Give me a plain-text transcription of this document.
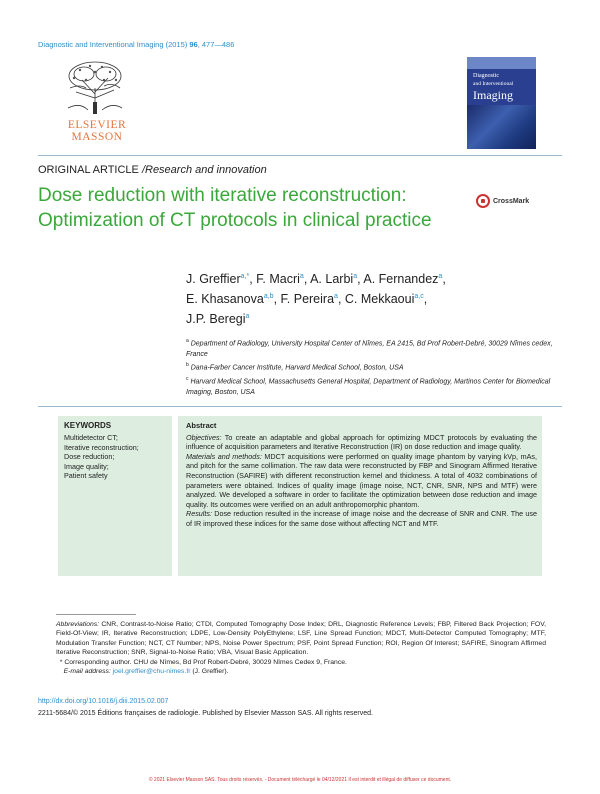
Diagnostic and Interventional Imaging (2015) 96, 477—486
ELSEVIER
MASSON
Diagnostic
and Interventional
Imaging
ORIGINAL ARTICLE /Research and innovation
Dose reduction with iterative reconstruction: Optimization of CT protocols in clinical practice
CrossMark
J. Greffier$^{a,*}$, F. Macri$^a$, A. Larbi$^a$, A. Fernandez$^a$,
E. Khasanova$^{a,b}$, F. Pereira$^a$, C. Mekkaoui$^{a,c}$,
J.P. Beregi$^a$
$^a$ Department of Radiology, University Hospital Center of Nîmes, EA 2415, Bd Prof Robert-Debré, 30029 Nîmes cedex, France
$^b$ Dana-Farber Cancer Institute, Harvard Medical School, Boston, USA
$^c$ Harvard Medical School, Massachusetts General Hospital, Department of Radiology, Martinos Center for Biomedical Imaging, Boston, USA
KEYWORDS
Multidetector CT;
Iterative reconstruction;
Dose reduction;
Image quality;
Patient safety
Abstract

Objectives: To create an adaptable and global approach for optimizing MDCT protocols by evaluating the influence of acquisition parameters and Iterative Reconstruction (IR) on dose reduction and image quality.

Materials and methods: MDCT acquisitions were performed on quality image phantom by varying kVp, mAs, and pitch for the same collimation. The raw data were reconstructed by FBP and Sinogram Affirmed Iterative Reconstruction (SAFIRE) with different reconstruction kernel and thickness. A total of 4032 combinations of parameters were obtained. Indices of quality image (image noise, NCT, CNR, SNR, NPS and MTF) were analyzed. We developed a software in order to facilitate the optimization between dose reduction and image quality. Its outcomes were verified on an adult anthropomorphic phantom.

Results: Dose reduction resulted in the increase of image noise and the decrease of SNR and CNR. The use of IR improved these indices for the same dose without affecting NCT and MTF.

Abbreviations: CNR, Contrast-to-Noise Ratio; CTDI, Computed Tomography Dose Index; DRL, Diagnostic Reference Levels; FBP, Filtered Back Projection; FOV, Field-Of-View; IR, Iterative Reconstruction; LDPE, Low-Density PolyEthylene; LSF, Line Spread Function; MDCT, Multi-Detector Computed Tomography; MTF, Modulation Transfer Function; NCT, CT Number; NPS, Noise Power Spectrum; PSF, Point Spread Function; ROI, Region Of Interest; SAFIRE, Sinogram Affirmed Iterative Reconstruction; SNR, Signal-to-Noise Ratio; VBA, Visual Basic Application.

* Corresponding author. CHU de Nîmes, Bd Prof Robert-Debré, 30029 Nîmes Cedex 9, France.

E-mail address: joel.greffier@chu-nimes.fr (J. Greffier).

http://dx.doi.org/10.1016/j.diii.2015.02.007
2211-5684/© 2015 Éditions françaises de radiologie. Published by Elsevier Masson SAS. All rights reserved.
© 2021 Elsevier Masson SAS. Tous droits réservés. - Document téléchargé le 04/12/2021 Il est interdit et illégal de diffuser ce document.
